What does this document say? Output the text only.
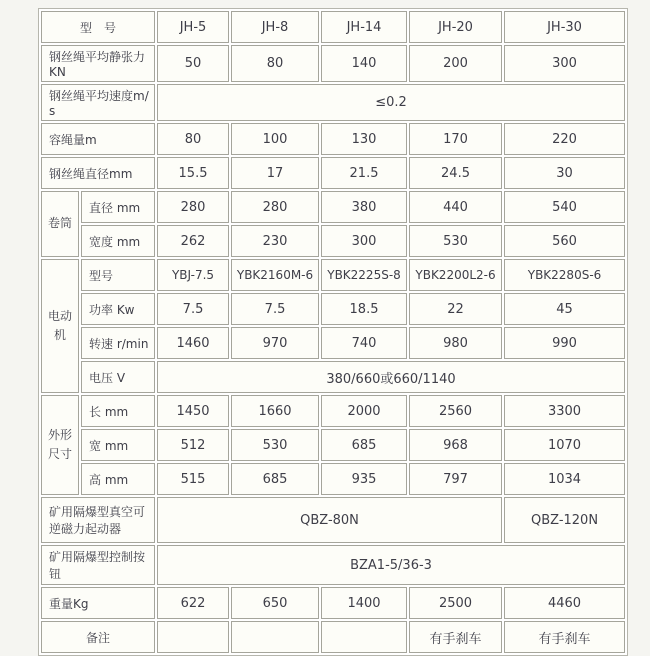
型　号		JH-5	JH-8	JH-14	JH-20	JH-30
钢丝绳平均静张力KN		50	80	140	200	300
钢丝绳平均速度m/s		≤0.2				
容绳量m		80	100	130	170	220
钢丝绳直径mm		15.5	17	21.5	24.5	30
卷筒	直径 mm	280	280	380	440	540
	宽度 mm	262	230	300	530	560
电动机	型号	YBJ-7.5	YBK2160M-6	YBK2225S-8	YBK2200L2-6	YBK2280S-6
	功率 Kw	7.5	7.5	18.5	22	45
	转速 r/min	1460	970	740	980	990
	电压 V	380/660或660/1140				
外形尺寸	长 mm	1450	1660	2000	2560	3300
	宽 mm	512	530	685	968	1070
	高 mm	515	685	935	797	1034
矿用隔爆型真空可逆磁力起动器		QBZ-80N				QBZ-120N
矿用隔爆型控制按钮		BZA1-5/36-3				
重量Kg		622	650	1400	2500	4460
备注					有手刹车	有手刹车
